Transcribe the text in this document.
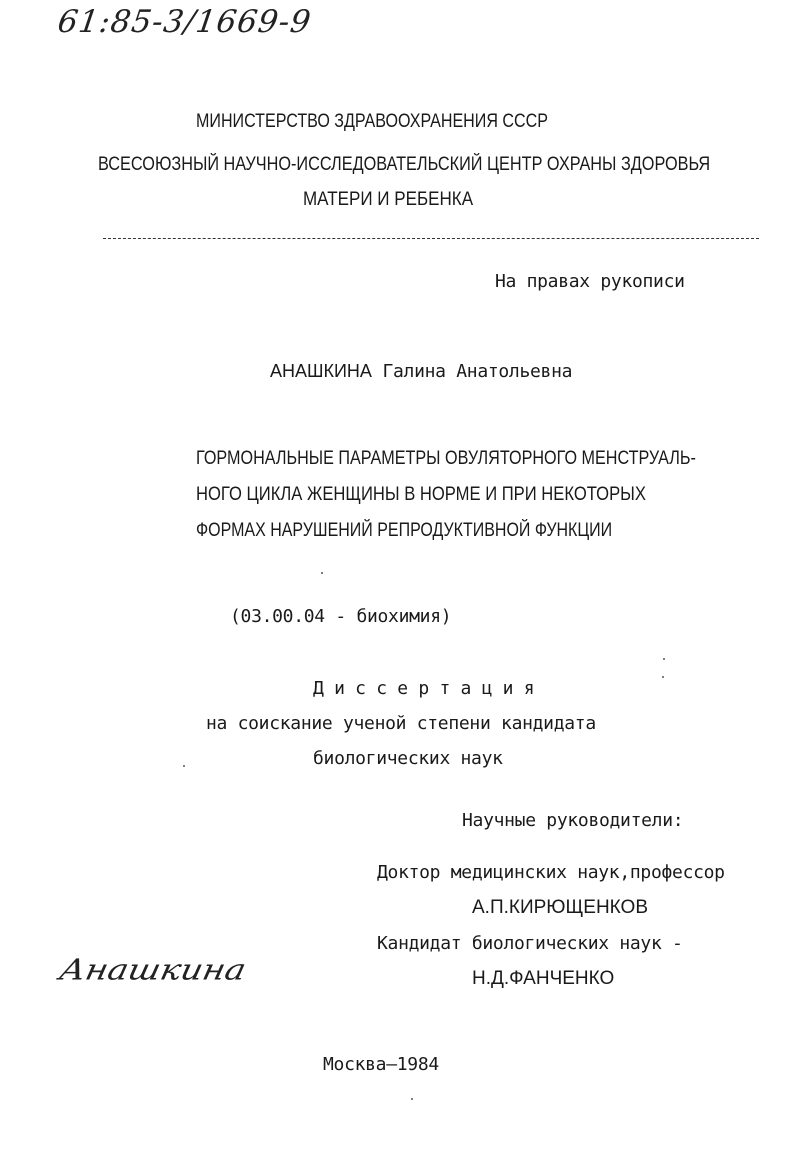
61:85-3/1669-9
МИНИСТЕРСТВО ЗДРАВООХРАНЕНИЯ СССР
ВСЕСОЮЗНЫЙ НАУЧНО-ИССЛЕДОВАТЕЛЬСКИЙ ЦЕНТР ОХРАНЫ ЗДОРОВЬЯ
МАТЕРИ И РЕБЕНКА
На правах рукописи
АНАШКИНА Галина Анатольевна
ГОРМОНАЛЬНЫЕ ПАРАМЕТРЫ ОВУЛЯТОРНОГО МЕНСТРУАЛЬ-
НОГО ЦИКЛА ЖЕНЩИНЫ В НОРМЕ И ПРИ НЕКОТОРЫХ
ФОРМАХ НАРУШЕНИЙ РЕПРОДУКТИВНОЙ ФУНКЦИИ
(03.00.04 - биохимия)
Д и с с е р т а ц и я
на соискание ученой степени кандидата
биологических наук
Научные руководители:
Доктор медицинских наук,профессор
А.П.КИРЮЩЕНКОВ
Кандидат биологических наук -
Н.Д.ФАНЧЕНКО
Анашкина
Москва—1984
